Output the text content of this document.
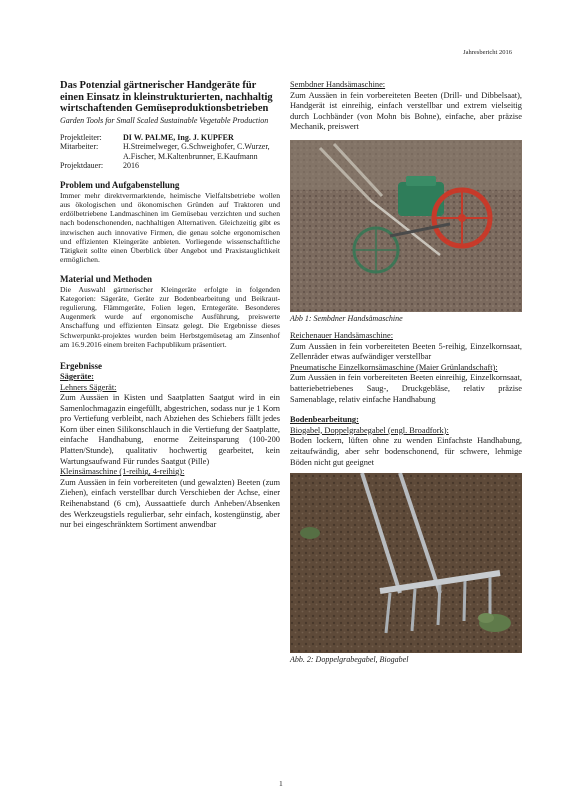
Jahresbericht 2016

Das Potenzial gärtnerischer Handgeräte für einen Einsatz in kleinstrukturierten, nachhaltig wirtschaftenden Gemüseproduktionsbetrieben

Garden Tools for Small Scaled Sustainable Vegetable Production

Projektleiter:	DI W. PALME, Ing. J. KUPFER
Mitarbeiter:	H.Streimelweger, G.Schweighofer, C.Wurzer, A.Fischer, M.Kaltenbrunner, E.Kaufmann
Projektdauer:	2016
Problem und Aufgabenstellung

Immer mehr direktvermarktende, heimische Vielfaltsbetriebe wollen aus ökologischen und ökonomischen Gründen auf Traktoren und erdölbetriebene Landmaschinen im Gemüsebau verzichten und suchen nach bodenschonenden, nachhaltigen Alternativen. Gleichzeitig gibt es inzwischen auch innovative Firmen, die genau solche ergonomischen und effizienten Kleingeräte anbieten. Vorliegende wissenschaftliche Tätigkeit sollte einen Überblick über Angebot und Praxistauglichkeit ermöglichen.

Material und Methoden

Die Auswahl gärtnerischer Kleingeräte erfolgte in folgenden Kategorien: Sägeräte, Geräte zur Bodenbearbeitung und Beikraut-regulierung, Flämmgeräte, Folien legen, Erntegeräte. Besonderes Augenmerk wurde auf ergonomische Ausführung, preiswerte Anschaffung und effizienten Einsatz gelegt. Die Ergebnisse dieses Schwerpunkt-projektes wurden beim Herbstgemüsetag am Zinsenhof am 16.9.2016 einem breiten Fachpublikum präsentiert.

Ergebnisse

Sägeräte:

Lehners Sägerät:

Zum Aussäen in Kisten und Saatplatten Saatgut wird in ein Samenlochmagazin eingefüllt, abgestrichen, sodass nur je 1 Korn pro Vertiefung verbleibt, nach Abziehen des Schiebers fällt jedes Korn über einen Silikonschlauch in die Vertiefung der Saatplatte, einfache Handhabung, enorme Zeiteinsparung (100-200 Platten/Stunde), qualitativ hochwertig gearbeitet, kein Wartungsaufwand Für rundes Saatgut (Pille)

Kleinsämaschine (1-reihig, 4-reihig):

Zum Aussäen in fein vorbereiteten (und gewalzten) Beeten (zum Ziehen), einfach verstellbar durch Verschieben der Achse, einer Reihenabstand (6 cm), Aussaattiefe durch Anheben/Absenken des Werkzeugstiels regulierbar, sehr einfach, kostengünstig, aber nur bei eingeschränktem Sortiment anwendbar

Sembdner Handsämaschine:

Zum Aussäen in fein vorbereiteten Beeten (Drill- und Dibbelsaat), Handgerät ist einreihig, einfach verstellbar und extrem vielseitig durch Lochbänder (von Mohn bis Bohne), einfache, aber präzise Mechanik, preiswert

Abb 1: Sembdner Handsämaschine

Reichenauer Handsämaschine:

Zum Aussäen in fein vorbereiteten Beeten 5-reihig, Einzelkornsaat, Zellenräder etwas aufwändiger verstellbar

Pneumatische Einzelkornsämaschine (Maier Grünlandschaft):

Zum Aussäen in fein vorbereiteten Beeten einreihig, Einzelkornsaat, batteriebetriebenes Saug-, Druckgebläse, relativ präzise Samenablage, relativ einfache Handhabung

Bodenbearbeitung:

Biogabel, Doppelgrabegabel (engl. Broadfork):

Boden lockern, lüften ohne zu wenden Einfachste Handhabung, zeitaufwändig, aber sehr bodenschonend, für schwere, lehmige Böden nicht gut geeignet

Abb. 2: Doppelgrabegabel, Biogabel
1
